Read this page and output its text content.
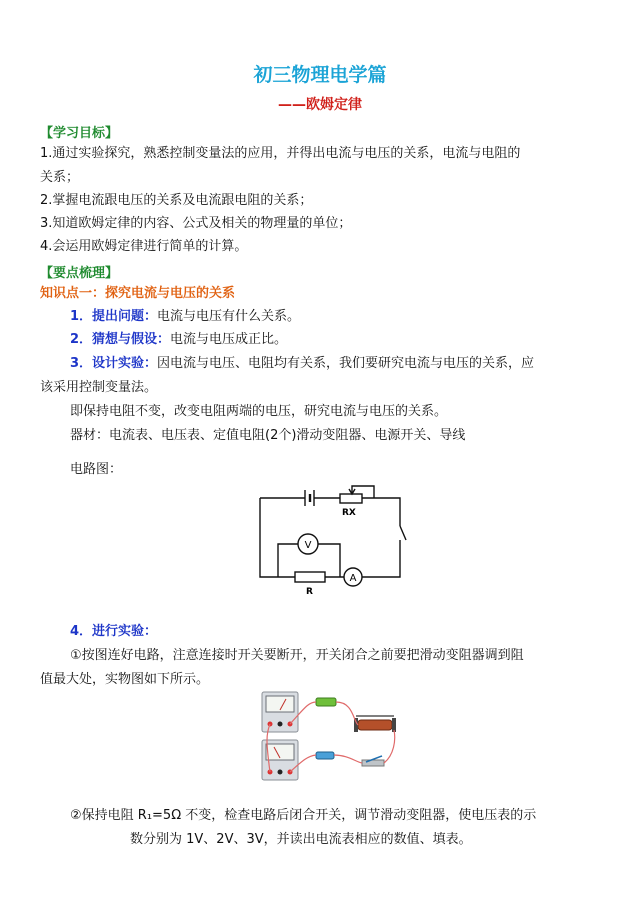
初三物理电学篇
——欧姆定律
【学习目标】
1.通过实验探究，熟悉控制变量法的应用，并得出电流与电压的关系，电流与电阻的
关系；
2.掌握电流跟电压的关系及电流跟电阻的关系；
3.知道欧姆定律的内容、公式及相关的物理量的单位；
4.会运用欧姆定律进行简单的计算。
【要点梳理】
知识点一：探究电流与电压的关系
1．提出问题：电流与电压有什么关系。
2．猜想与假设：电流与电压成正比。
3．设计实验：因电流与电压、电阻均有关系，我们要研究电流与电压的关系，应
该采用控制变量法。
即保持电阻不变，改变电阻两端的电压，研究电流与电压的关系。
器材：电流表、电压表、定值电阻(2个)滑动变阻器、电源开关、导线
电路图：
RX
V
A
R
4．进行实验：
①按图连好电路，注意连接时开关要断开，开关闭合之前要把滑动变阻器调到阻
值最大处，实物图如下所示。
②保持电阻 R₁=5Ω 不变，检查电路后闭合开关，调节滑动变阻器，使电压表的示
数分别为 1V、2V、3V，并读出电流表相应的数值、填表。
